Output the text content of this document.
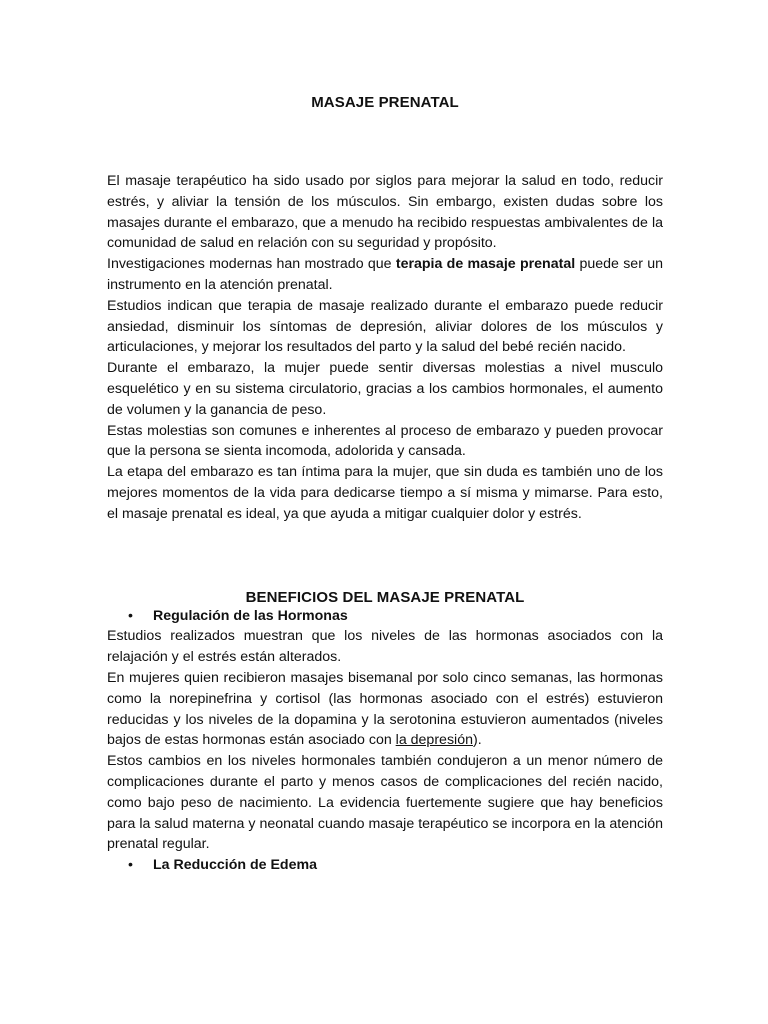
MASAJE PRENATAL

El masaje terapéutico ha sido usado por siglos para mejorar la salud en todo, reducir estrés, y aliviar la tensión de los músculos. Sin embargo, existen dudas sobre los masajes durante el embarazo, que a menudo ha recibido respuestas ambivalentes de la comunidad de salud en relación con su seguridad y propósito.

Investigaciones modernas han mostrado que terapia de masaje prenatal puede ser un instrumento en la atención prenatal.

Estudios indican que terapia de masaje realizado durante el embarazo puede reducir ansiedad, disminuir los síntomas de depresión, aliviar dolores de los músculos y articulaciones, y mejorar los resultados del parto y la salud del bebé recién nacido.

Durante el embarazo, la mujer puede sentir diversas molestias a nivel musculo esquelético y en su sistema circulatorio, gracias a los cambios hormonales, el aumento de volumen y la ganancia de peso.

Estas molestias son comunes e inherentes al proceso de embarazo y pueden provocar que la persona se sienta incomoda, adolorida y cansada.

La etapa del embarazo es tan íntima para la mujer, que sin duda es también uno de los mejores momentos de la vida para dedicarse tiempo a sí misma y mimarse. Para esto, el masaje prenatal es ideal, ya que ayuda a mitigar cualquier dolor y estrés.

BENEFICIOS DEL MASAJE PRENATAL
• Regulación de las Hormonas

Estudios realizados muestran que los niveles de las hormonas asociados con la relajación y el estrés están alterados.

En mujeres quien recibieron masajes bisemanal por solo cinco semanas, las hormonas como la norepinefrina y cortisol (las hormonas asociado con el estrés) estuvieron reducidas y los niveles de la dopamina y la serotonina estuvieron aumentados (niveles bajos de estas hormonas están asociado con la depresión).

Estos cambios en los niveles hormonales también condujeron a un menor número de complicaciones durante el parto y menos casos de complicaciones del recién nacido, como bajo peso de nacimiento. La evidencia fuertemente sugiere que hay beneficios para la salud materna y neonatal cuando masaje terapéutico se incorpora en la atención prenatal regular.

• La Reducción de Edema
